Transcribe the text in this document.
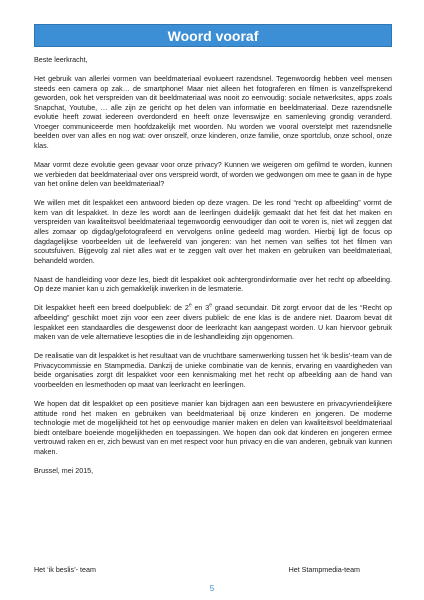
Woord vooraf

Beste leerkracht,

Het gebruik van allerlei vormen van beeldmateriaal evolueert razendsnel. Tegenwoordig hebben veel mensen steeds een camera op zak… de smartphone! Maar niet alleen het fotograferen en filmen is vanzelfsprekend geworden, ook het verspreiden van dit beeldmateriaal was nooit zo eenvoudig: sociale netwerksites, apps zoals Snapchat, Youtube, … alle zijn ze gericht op het delen van informatie en beeldmateriaal. Deze razendsnelle evolutie heeft zowat iedereen overdonderd en heeft onze levenswijze en samenleving grondig veranderd. Vroeger communiceerde men hoofdzakelijk met woorden. Nu worden we vooral overstelpt met razendsnelle beelden over van alles en nog wat: over onszelf, onze kinderen, onze familie, onze sportclub, onze school, onze klas.

Maar vormt deze evolutie geen gevaar voor onze privacy? Kunnen we weigeren om gefilmd te worden, kunnen we verbieden dat beeldmateriaal over ons verspreid wordt, of worden we gedwongen om mee te gaan in de hype van het online delen van beeldmateriaal?

We willen met dit lespakket een antwoord bieden op deze vragen. De les rond “recht op afbeelding” vormt de kern van dit lespakket. In deze les wordt aan de leerlingen duidelijk gemaakt dat het feit dat het maken en verspreiden van kwaliteitsvol beeldmateriaal tegenwoordig eenvoudiger dan ooit te voren is, niet wil zeggen dat alles zomaar op digdag/gefotografeerd en vervolgens online gedeeld mag worden. Hierbij ligt de focus op dagdagelijkse voorbeelden uit de leefwereld van jongeren: van het nemen van selfies tot het filmen van scoutsfuiven. Bijgevolg zal niet alles wat er te zeggen valt over het maken en gebruiken van beeldmateriaal, behandeld worden.

Naast de handleiding voor deze les, biedt dit lespakket ook achtergrondinformatie over het recht op afbeelding. Op deze manier kan u zich gemakkelijk inwerken in de lesmaterie.

Dit lespakket heeft een breed doelpubliek: de 2e en 3e graad secundair. Dit zorgt ervoor dat de les “Recht op afbeelding” geschikt moet zijn voor een zeer divers publiek: de ene klas is de andere niet. Daarom bevat dit lespakket een standaardles die desgewenst door de leerkracht kan aangepast worden. U kan hiervoor gebruik maken van de vele alternatieve lesopties die in de leshandleiding zijn opgenomen.

De realisatie van dit lespakket is het resultaat van de vruchtbare samenwerking tussen het ‘ik beslis’-team van de Privacycommissie en Stampmedia. Dankzij de unieke combinatie van de kennis, ervaring en vaardigheden van beide organisaties zorgt dit lespakket voor een kennismaking met het recht op afbeelding aan de hand van voorbeelden en lesmethoden op maat van leerkracht en leerlingen.

We hopen dat dit lespakket op een positieve manier kan bijdragen aan een bewustere en privacyvriendelijkere attitude rond het maken en gebruiken van beeldmateriaal bij onze kinderen en jongeren. De moderne technologie met de mogelijkheid tot het op eenvoudige manier maken en delen van kwaliteitsvol beeldmateriaal biedt ontelbare boeiende mogelijkheden en toepassingen. We hopen dan ook dat kinderen en jongeren ermee vertrouwd raken en er, zich bewust van en met respect voor hun privacy en die van anderen, gebruik van kunnen maken.

Brussel, mei 2015,

Het ‘ik beslis’- team	Het Stampmedia-team
5
